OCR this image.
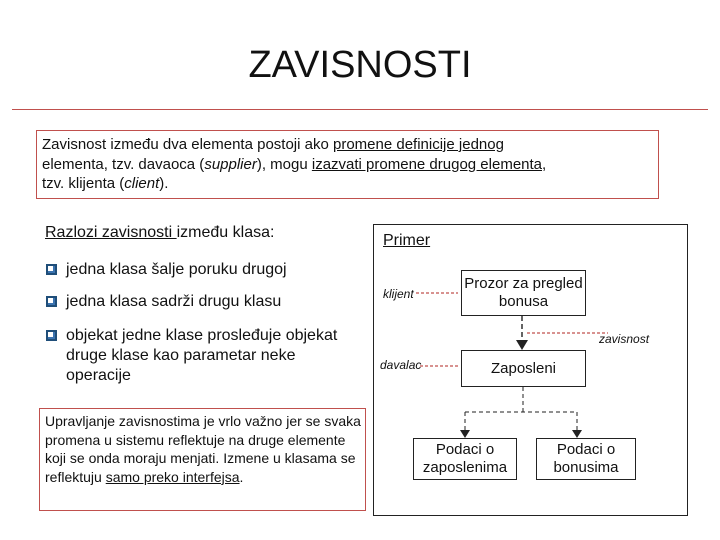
ZAVISNOSTI
Zavisnost između dva elementa postoji ako promene definicije jednog
elementa, tzv. davaoca (supplier), mogu izazvati promene drugog elementa,
tzv. klijenta (client).
Razlozi zavisnosti između klasa:
jedna klasa šalje poruku drugoj
jedna klasa sadrži drugu klasu
objekat jedne klase prosleđuje objekat druge klase kao parametar neke operacije
Upravljanje zavisnostima je vrlo važno jer se svaka promena u sistemu reflektuje na druge elemente koji se onda moraju menjati. Izmene u klasama se reflektuju samo preko interfejsa.
Primer
klijent
davalac
zavisnost
Prozor za pregled bonusa
Zaposleni
Podaci o zaposlenima
Podaci o bonusima
